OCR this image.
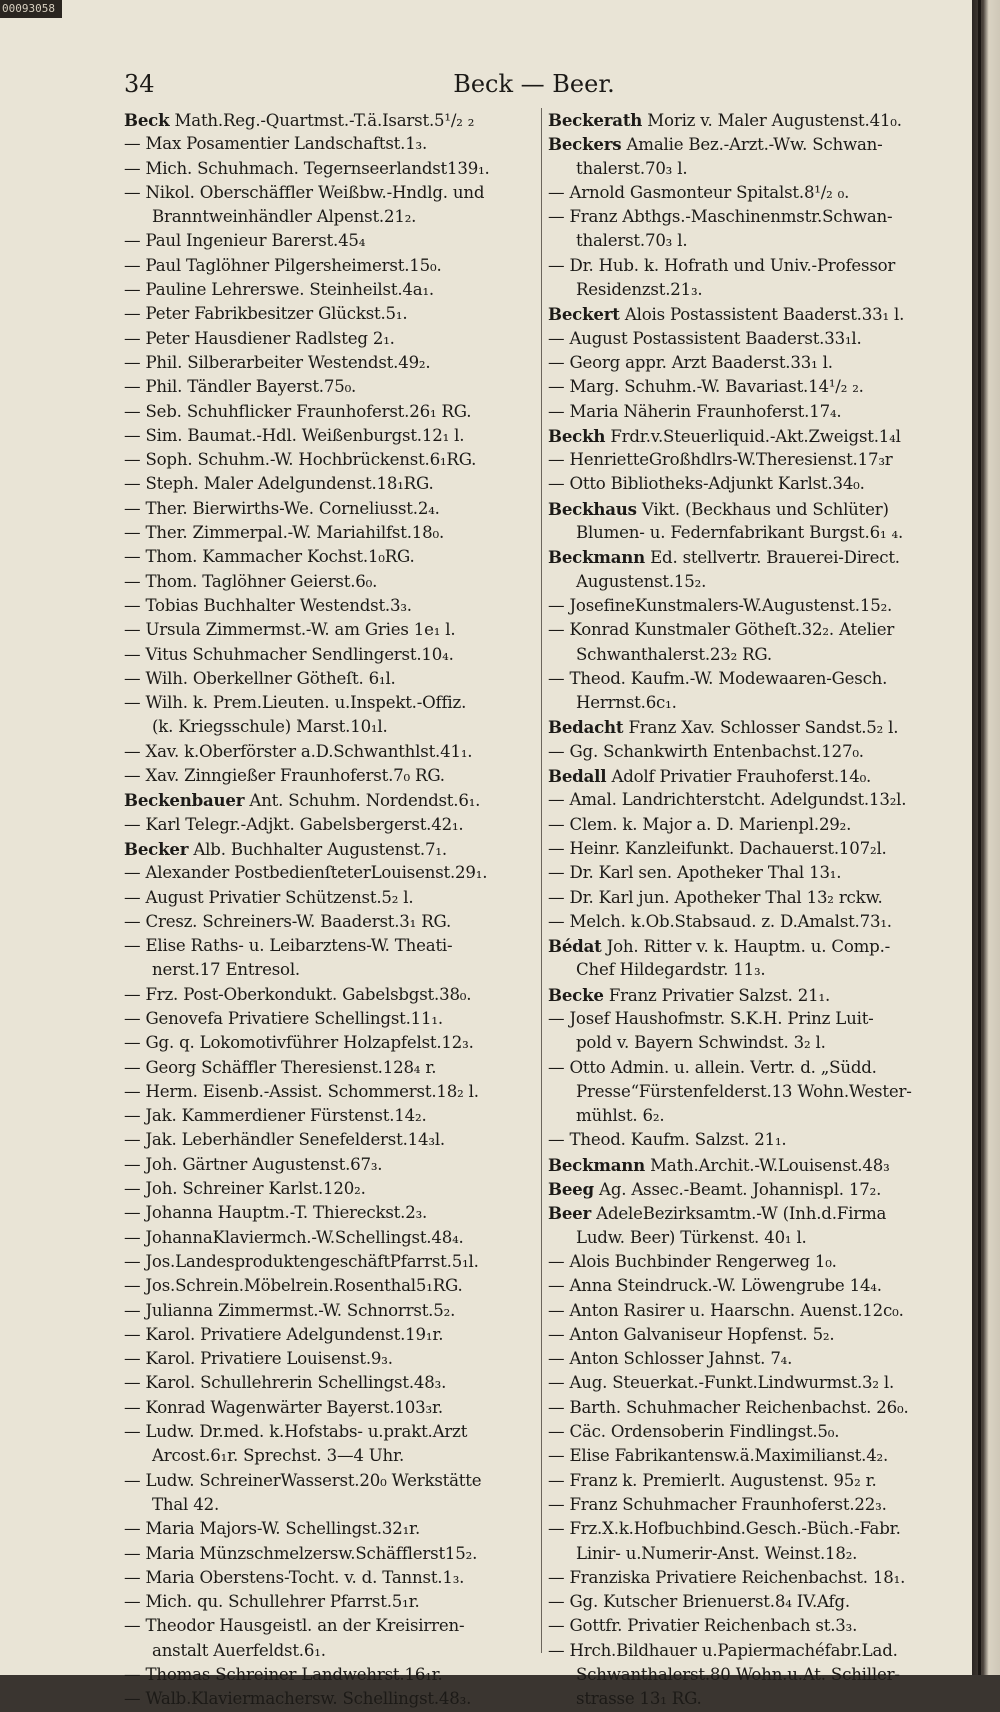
00093058
34	Beck — Beer.
Beck Math.Reg.-Quartmst.-T.ä.Isarst.5¹/₂ ₂
— Max Posamentier Landschaftst.1₃.
— Mich. Schuhmach. Tegernseerlandst139₁.
— Nikol. Oberschäffler Weißbw.-Hndlg. und
Branntweinhändler Alpenst.21₂.
— Paul Ingenieur Barerst.45₄
— Paul Taglöhner Pilgersheimerst.15₀.
— Pauline Lehrerswe. Steinheilst.4a₁.
— Peter Fabrikbesitzer Glückst.5₁.
— Peter Hausdiener Radlsteg 2₁.
— Phil. Silberarbeiter Westendst.49₂.
— Phil. Tändler Bayerst.75₀.
— Seb. Schuhflicker Fraunhoferst.26₁ RG.
— Sim. Baumat.-Hdl. Weißenburgst.12₁ l.
— Soph. Schuhm.-W. Hochbrückenst.6₁RG.
— Steph. Maler Adelgundenst.18₁RG.
— Ther. Bierwirths-We. Corneliusst.2₄.
— Ther. Zimmerpal.-W. Mariahilfst.18₀.
— Thom. Kammacher Kochst.1₀RG.
— Thom. Taglöhner Geierst.6₀.
— Tobias Buchhalter Westendst.3₃.
— Ursula Zimmermst.-W. am Gries 1e₁ l.
— Vitus Schuhmacher Sendlingerst.10₄.
— Wilh. Oberkellner Götheſt. 6₁l.
— Wilh. k. Prem.Lieuten. u.Inspekt.-Offiz.
(k. Kriegsschule) Marst.10₁l.
— Xav. k.Oberförster a.D.Schwanthlst.41₁.
— Xav. Zinngießer Fraunhoferst.7₀ RG.
Beckenbauer Ant. Schuhm. Nordendst.6₁.
— Karl Telegr.-Adjkt. Gabelsbergerst.42₁.
Becker Alb. Buchhalter Augustenst.7₁.
— Alexander PostbedienſteterLouisenst.29₁.
— August Privatier Schützenst.5₂ l.
— Cresz. Schreiners-W. Baaderst.3₁ RG.
— Elise Raths- u. Leibarztens-W. Theati-
nerst.17 Entresol.
— Frz. Post-Oberkondukt. Gabelsbgst.38₀.
— Genovefa Privatiere Schellingst.11₁.
— Gg. q. Lokomotivführer Holzapfelst.12₃.
— Georg Schäffler Theresienst.128₄ r.
— Herm. Eisenb.-Assist. Schommerst.18₂ l.
— Jak. Kammerdiener Fürstenst.14₂.
— Jak. Leberhändler Senefelderst.14₃l.
— Joh. Gärtner Augustenst.67₃.
— Joh. Schreiner Karlst.120₂.
— Johanna Hauptm.-T. Thiereckst.2₃.
— JohannaKlaviermch.-W.Schellingst.48₄.
— Jos.LandesproduktengeschäftPfarrst.5₁l.
— Jos.Schrein.Möbelrein.Rosenthal5₁RG.
— Julianna Zimmermst.-W. Schnorrst.5₂.
— Karol. Privatiere Adelgundenst.19₁r.
— Karol. Privatiere Louisenst.9₃.
— Karol. Schullehrerin Schellingst.48₃.
— Konrad Wagenwärter Bayerst.103₃r.
— Ludw. Dr.med. k.Hofstabs- u.prakt.Arzt
Arcost.6₁r. Sprechst. 3—4 Uhr.
— Ludw. SchreinerWasserst.20₀ Werkstätte
Thal 42.
— Maria Majors-W. Schellingst.32₁r.
— Maria Münzschmelzersw.Schäfflerst15₂.
— Maria Oberstens-Tocht. v. d. Tannst.1₃.
— Mich. qu. Schullehrer Pfarrst.5₁r.
— Theodor Hausgeistl. an der Kreisirren-
anstalt Auerfeldst.6₁.
— Thomas Schreiner Landwehrst.16₁r.
— Walb.Klaviermachersw. Schellingst.48₃.
Beckerath Moriz v. Maler Augustenst.41₀.
Beckers Amalie Bez.-Arzt.-Ww. Schwan-
thalerst.70₃ l.
— Arnold Gasmonteur Spitalst.8¹/₂ ₀.
— Franz Abthgs.-Maschinenmstr.Schwan-
thalerst.70₃ l.
— Dr. Hub. k. Hofrath und Univ.-Professor
Residenzst.21₃.
Beckert Alois Postassistent Baaderst.33₁ l.
— August Postassistent Baaderst.33₁l.
— Georg appr. Arzt Baaderst.33₁ l.
— Marg. Schuhm.-W. Bavariast.14¹/₂ ₂.
— Maria Näherin Fraunhoferst.17₄.
Beckh Frdr.v.Steuerliquid.-Akt.Zweigst.1₄l
— HenrietteGroßhdlrs-W.Theresienst.17₃r
— Otto Bibliotheks-Adjunkt Karlst.34₀.
Beckhaus Vikt. (Beckhaus und Schlüter)
Blumen- u. Federnfabrikant Burgst.6₁ ₄.
Beckmann Ed. stellvertr. Brauerei-Direct.
Augustenst.15₂.
— JosefineKunstmalers-W.Augustenst.15₂.
— Konrad Kunstmaler Götheſt.32₂. Atelier
Schwanthalerst.23₂ RG.
— Theod. Kaufm.-W. Modewaaren-Gesch.
Herrnst.6c₁.
Bedacht Franz Xav. Schlosser Sandst.5₂ l.
— Gg. Schankwirth Entenbachst.127₀.
Bedall Adolf Privatier Frauhoferst.14₀.
— Amal. Landrichterstcht. Adelgundst.13₂l.
— Clem. k. Major a. D. Marienpl.29₂.
— Heinr. Kanzleifunkt. Dachauerst.107₂l.
— Dr. Karl sen. Apotheker Thal 13₁.
— Dr. Karl jun. Apotheker Thal 13₂ rckw.
— Melch. k.Ob.Stabsaud. z. D.Amalst.73₁.
Bédat Joh. Ritter v. k. Hauptm. u. Comp.-
Chef Hildegardstr. 11₃.
Becke Franz Privatier Salzst. 21₁.
— Josef Haushofmstr. S.K.H. Prinz Luit-
pold v. Bayern Schwindst. 3₂ l.
— Otto Admin. u. allein. Vertr. d. „Südd.
Presse“Fürstenfelderst.13 Wohn.Wester-
mühlst. 6₂.
— Theod. Kaufm. Salzst. 21₁.
Beckmann Math.Archit.-W.Louisenst.48₃
Beeg Ag. Assec.-Beamt. Johannispl. 17₂.
Beer AdeleBezirksamtm.-W (Inh.d.Firma
Ludw. Beer) Türkenst. 40₁ l.
— Alois Buchbinder Rengerweg 1₀.
— Anna Steindruck.-W. Löwengrube 14₄.
— Anton Rasirer u. Haarschn. Auenst.12c₀.
— Anton Galvaniseur Hopfenst. 5₂.
— Anton Schlosser Jahnst. 7₄.
— Aug. Steuerkat.-Funkt.Lindwurmst.3₂ l.
— Barth. Schuhmacher Reichenbachst. 26₀.
— Cäc. Ordensoberin Findlingst.5₀.
— Elise Fabrikantensw.ä.Maximilianst.4₂.
— Franz k. Premierlt. Augustenst. 95₂ r.
— Franz Schuhmacher Fraunhoferst.22₃.
— Frz.X.k.Hofbuchbind.Gesch.-Büch.-Fabr.
Linir- u.Numerir-Anst. Weinst.18₂.
— Franziska Privatiere Reichenbachst. 18₁.
— Gg. Kutscher Brienuerst.8₄ IV.Afg.
— Gottfr. Privatier Reichenbach st.3₃.
— Hrch.Bildhauer u.Papiermachéfabr.Lad.
Schwanthalerst.80 Wohn.u.At. Schiller-
strasse 13₁ RG.
